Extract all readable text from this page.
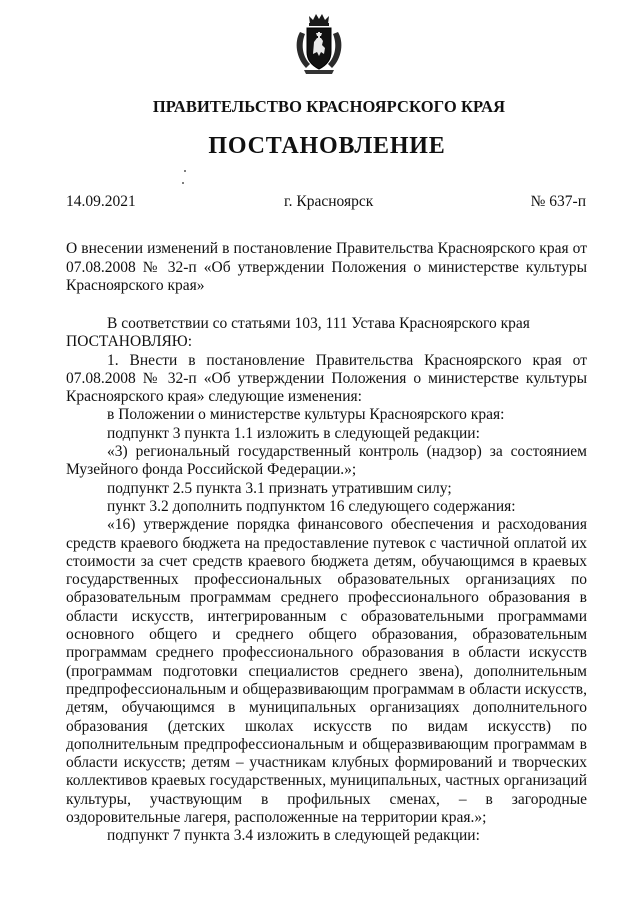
ПРАВИТЕЛЬСТВО КРАСНОЯРСКОГО КРАЯ
ПОСТАНОВЛЕНИЕ
14.09.2021	г. Красноярск	№ 637-п
О внесении изменений в постановление Правительства Красноярского края от 07.08.2008 № 32-п «Об утверждении Положения о министерстве культуры Красноярского края»

В соответствии со статьями 103, 111 Устава Красноярского края

ПОСТАНОВЛЯЮ:

1. Внести в постановление Правительства Красноярского края от 07.08.2008 № 32-п «Об утверждении Положения о министерстве культуры Красноярского края» следующие изменения:

в Положении о министерстве культуры Красноярского края:

подпункт 3 пункта 1.1 изложить в следующей редакции:

«3) региональный государственный контроль (надзор) за состоянием Музейного фонда Российской Федерации.»;

подпункт 2.5 пункта 3.1 признать утратившим силу;

пункт 3.2 дополнить подпунктом 16 следующего содержания:

«16) утверждение порядка финансового обеспечения и расходования средств краевого бюджета на предоставление путевок с частичной оплатой их стоимости за счет средств краевого бюджета детям, обучающимся в краевых государственных профессиональных образовательных организациях по образовательным программам среднего профессионального образования в области искусств, интегрированным с образовательными программами основного общего и среднего общего образования, образовательным программам среднего профессионального образования в области искусств (программам подготовки специалистов среднего звена), дополнительным предпрофессиональным и общеразвивающим программам в области искусств, детям, обучающимся в муниципальных организациях дополнительного образования (детских школах искусств по видам искусств) по дополнительным предпрофессиональным и общеразвивающим программам в области искусств; детям – участникам клубных формирований и творческих коллективов краевых государственных, муниципальных, частных организаций культуры, участвующим в профильных сменах, – в загородные оздоровительные лагеря, расположенные на территории края.»;

подпункт 7 пункта 3.4 изложить в следующей редакции:
